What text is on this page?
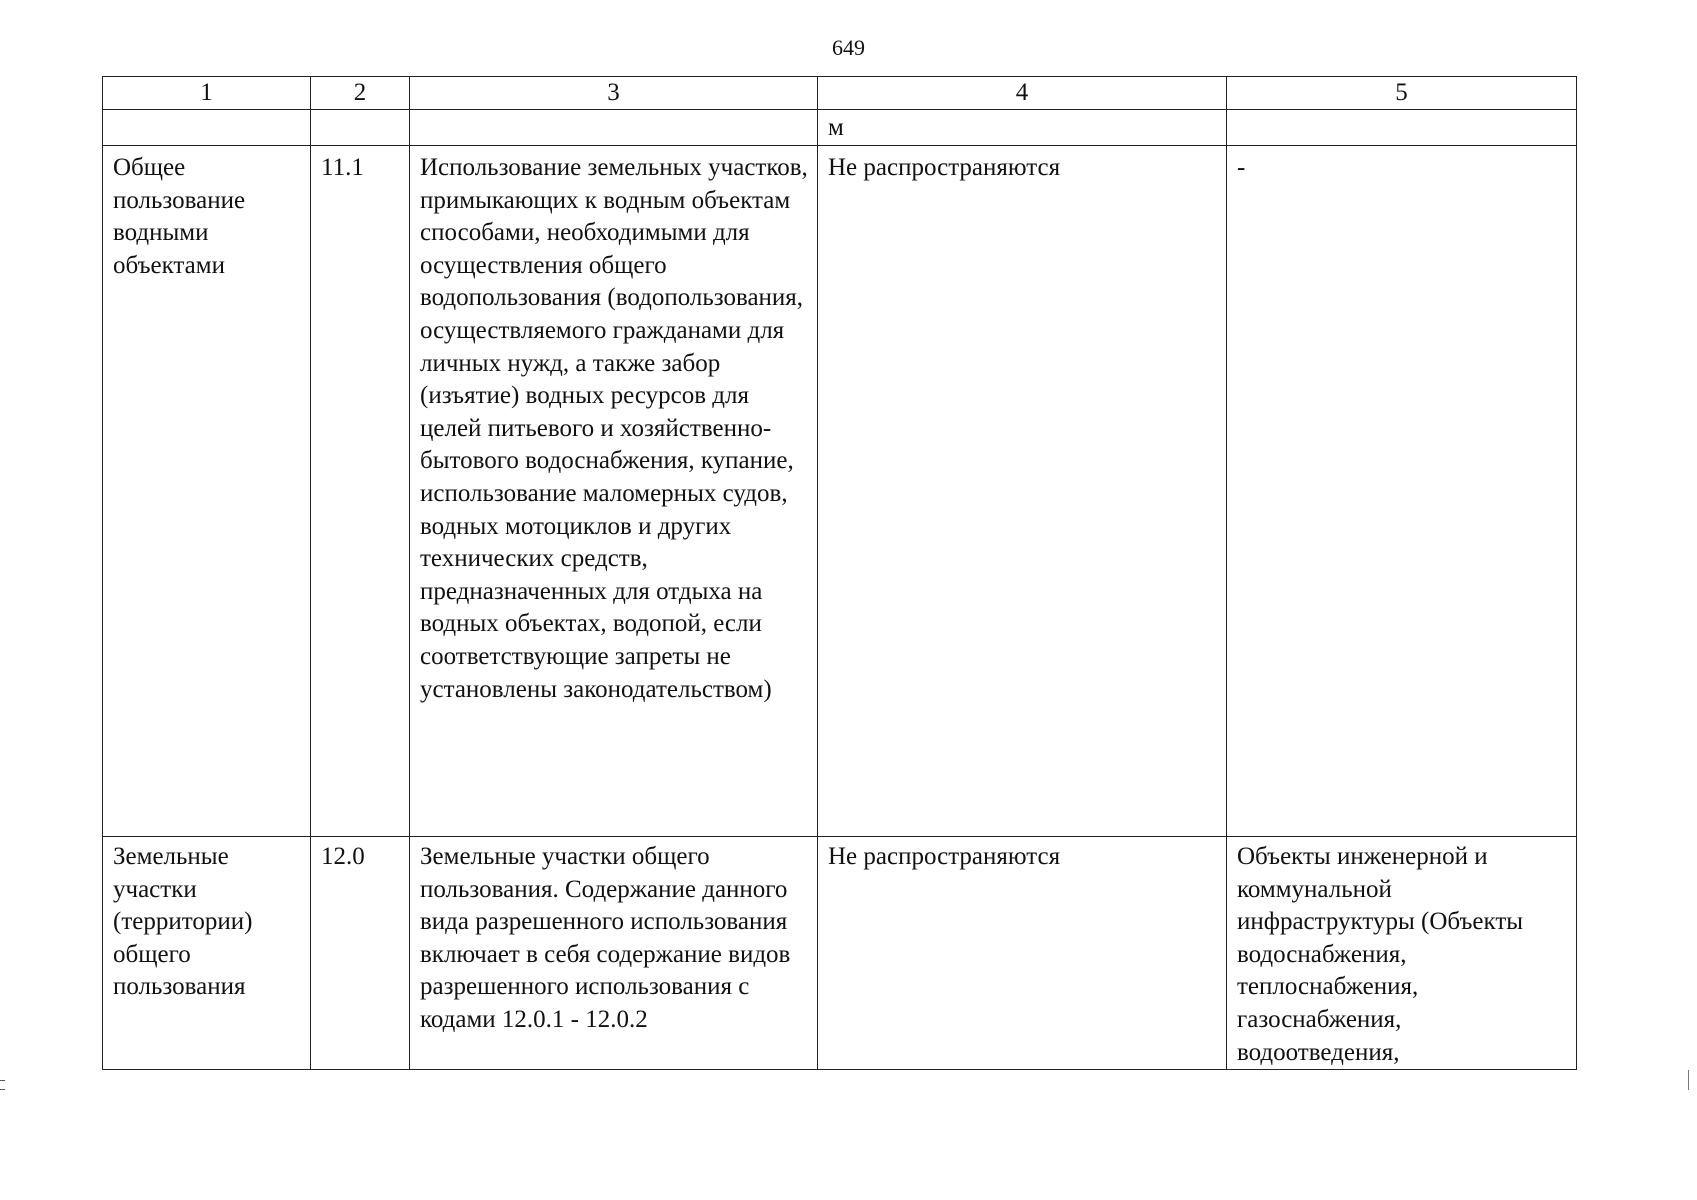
649
1	2	3	4	5
			м	
Общее пользование водными объектами	11.1	Использование земельных участков, примыкающих к водным объектам способами, необходимыми для осуществления общего водопользования (водопользования, осуществляемого гражданами для личных нужд, а также забор (изъятие) водных ресурсов для целей питьевого и хозяйственно-бытового водоснабжения, купание, использование маломерных судов, водных мотоциклов и других технических средств, предназначенных для отдыха на водных объектах, водопой, если соответствующие запреты не установлены законодательством)	Не распространяются	-
Земельные участки (территории) общего пользования	12.0	Земельные участки общего пользования. Содержание данного вида разрешенного использования включает в себя содержание видов разрешенного использования с кодами 12.0.1 - 12.0.2	Не распространяются	Объекты инженерной и коммунальной инфраструктуры (Объекты водоснабжения, теплоснабжения, газоснабжения, водоотведения,
